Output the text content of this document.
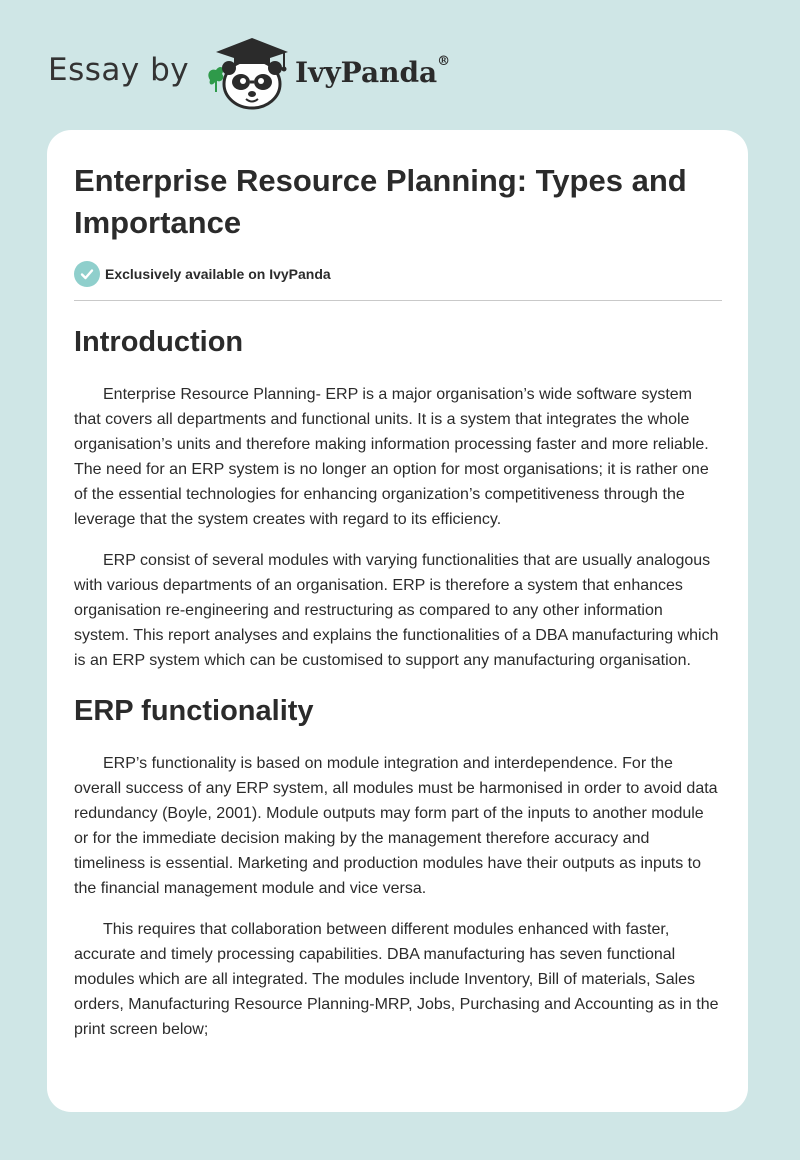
Essay by	IvyPanda®
Enterprise Resource Planning: Types and Importance
Exclusively available on IvyPanda
Introduction

Enterprise Resource Planning- ERP is a major organisation’s wide software system that covers all departments and functional units. It is a system that integrates the whole organisation’s units and therefore making information processing faster and more reliable. The need for an ERP system is no longer an option for most organisations; it is rather one of the essential technologies for enhancing organization’s competitiveness through the leverage that the system creates with regard to its efficiency.

ERP consist of several modules with varying functionalities that are usually analogous with various departments of an organisation. ERP is therefore a system that enhances organisation re-engineering and restructuring as compared to any other information system. This report analyses and explains the functionalities of a DBA manufacturing which is an ERP system which can be customised to support any manufacturing organisation.

ERP functionality

ERP’s functionality is based on module integration and interdependence. For the overall success of any ERP system, all modules must be harmonised in order to avoid data redundancy (Boyle, 2001). Module outputs may form part of the inputs to another module or for the immediate decision making by the management therefore accuracy and timeliness is essential. Marketing and production modules have their outputs as inputs to the financial management module and vice versa.

This requires that collaboration between different modules enhanced with faster, accurate and timely processing capabilities. DBA manufacturing has seven functional modules which are all integrated. The modules include Inventory, Bill of materials, Sales orders, Manufacturing Resource Planning-MRP, Jobs, Purchasing and Accounting as in the print screen below;
